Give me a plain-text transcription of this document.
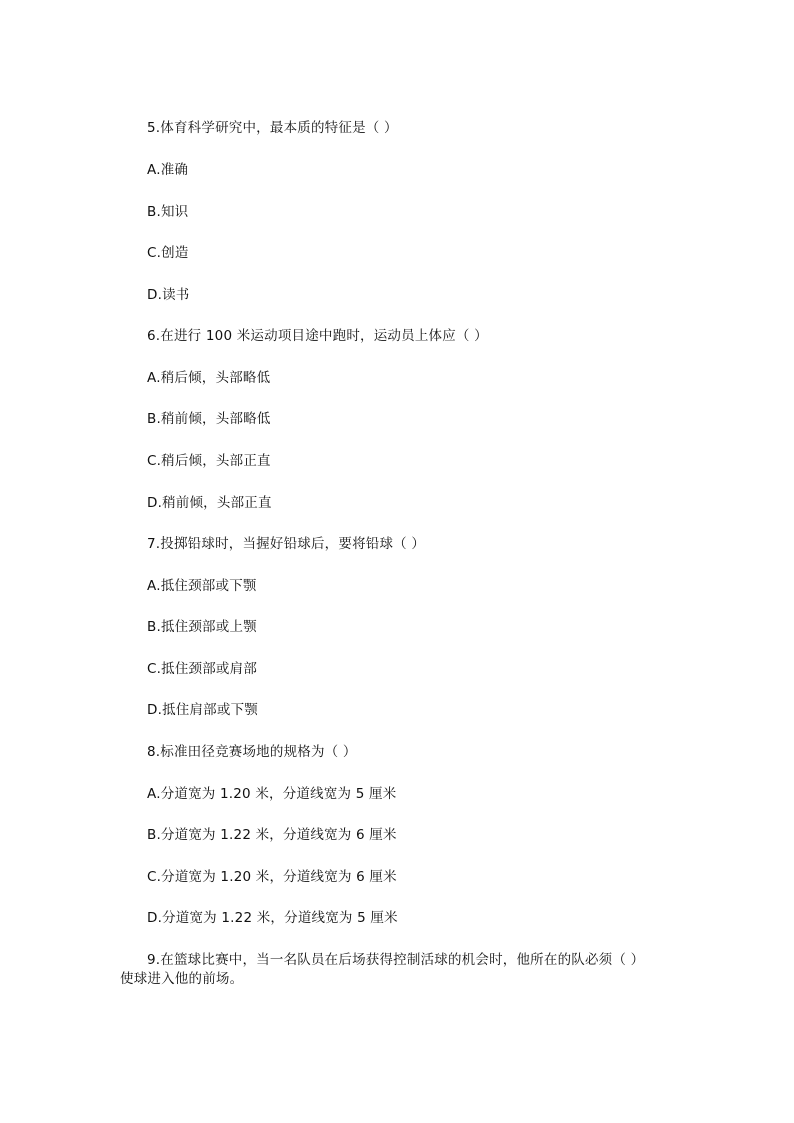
5.体育科学研究中，最本质的特征是（ ）
A.准确
B.知识
C.创造
D.读书
6.在进行 100 米运动项目途中跑时，运动员上体应（ ）
A.稍后倾，头部略低
B.稍前倾，头部略低
C.稍后倾，头部正直
D.稍前倾，头部正直
7.投掷铅球时，当握好铅球后，要将铅球（ ）
A.抵住颈部或下颚
B.抵住颈部或上颚
C.抵住颈部或肩部
D.抵住肩部或下颚
8.标准田径竞赛场地的规格为（ ）
A.分道宽为 1.20 米，分道线宽为 5 厘米
B.分道宽为 1.22 米，分道线宽为 6 厘米
C.分道宽为 1.20 米，分道线宽为 6 厘米
D.分道宽为 1.22 米，分道线宽为 5 厘米
9.在篮球比赛中，当一名队员在后场获得控制活球的机会时，他所在的队必须（ ）
使球进入他的前场。
